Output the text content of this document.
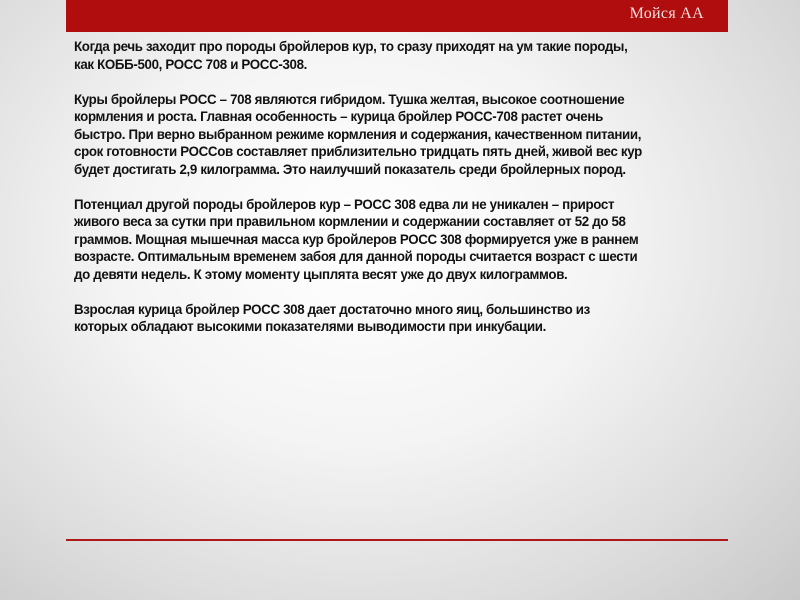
Мойся АА

Когда речь заходит про породы бройлеров кур, то сразу приходят на ум такие породы, как КОББ-500, РОСС 708 и РОСС-308.

Куры бройлеры РОСС – 708 являются гибридом. Тушка желтая, высокое соотношение кормления и роста. Главная особенность – курица бройлер РОСС-708 растет очень быстро. При верно выбранном режиме кормления и содержания, качественном питании, срок готовности РОССов составляет приблизительно тридцать пять дней, живой вес кур будет достигать 2,9 килограмма. Это наилучший показатель среди бройлерных пород.

Потенциал другой породы бройлеров кур – РОСС 308 едва ли не уникален – прирост живого веса за сутки при правильном кормлении и содержании составляет от 52 до 58 граммов. Мощная мышечная масса кур бройлеров РОСС 308 формируется уже в раннем возрасте. Оптимальным временем забоя для данной породы считается возраст с шести до девяти недель. К этому моменту цыплята весят уже до двух килограммов.

Взрослая курица бройлер РОСС 308 дает достаточно много яиц, большинство из которых обладают высокими показателями выводимости при инкубации.
